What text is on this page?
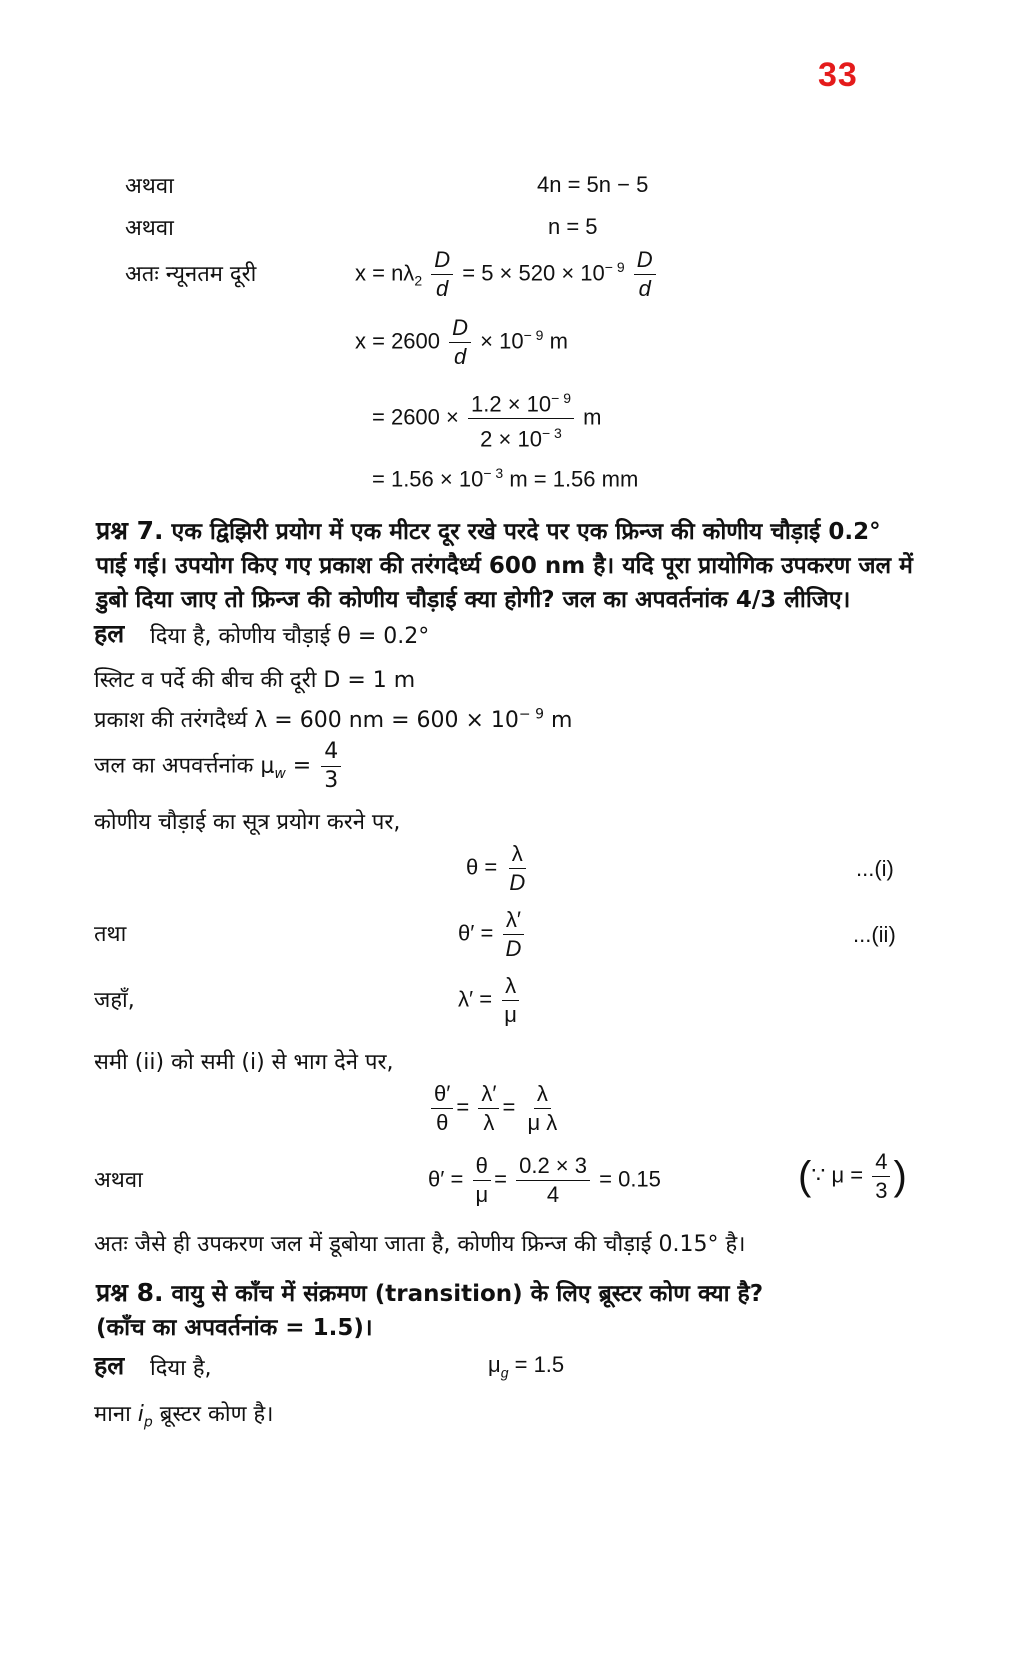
33
अथवा	4n = 5n − 5
अथवा	n = 5
अतः न्यूनतम दूरी	$x = n\lambda_2 \frac{D}{d} = 5 \times 520 \times 10^{- 9} \frac{D}{d}$
$x = 2600 \frac{D}{d} \times 10^{- 9}$ m
= $2600 \times \frac{1.2 \times 10^{- 9}}{2 \times 10^{- 3}}$ m
= $1.56 \times 10^{- 3}$ m = 1.56 mm
प्रश्न 7. एक द्विझिरी प्रयोग में एक मीटर दूर रखे परदे पर एक फ्रिन्ज की कोणीय चौड़ाई 0.2°
पाई गई। उपयोग किए गए प्रकाश की तरंगदैर्ध्य 600 nm है। यदि पूरा प्रायोगिक उपकरण जल में
डुबो दिया जाए तो फ्रिन्ज की कोणीय चौड़ाई क्या होगी? जल का अपवर्तनांक 4/3 लीजिए।
हल दिया है, कोणीय चौड़ाई θ = 0.2°
स्लिट व पर्दे की बीच की दूरी D = 1 m
प्रकाश की तरंगदैर्ध्य λ = 600 nm = $600 \times 10^{- 9}$ m
जल का अपवर्त्तनांक $\mu_w = \frac{4}{3}$
कोणीय चौड़ाई का सूत्र प्रयोग करने पर,
$\theta = \frac{\lambda}{D}$	...(i)
तथा	$\theta' = \frac{\lambda'}{D}$	...(ii)
जहाँ,	$\lambda' = \frac{\lambda}{\mu}$
समी (ii) को समी (i) से भाग देने पर,
$\frac{\theta'}{\theta} = \frac{\lambda'}{\lambda} = \frac{\lambda}{\text{μ λ}}$
अथवा	$\theta' = \frac{\theta}{\mu} = \frac{0.2 \times 3}{4} = 0.15$	(∵ $\mu = \frac{4}{3}$ )
अतः जैसे ही उपकरण जल में डूबोया जाता है, कोणीय फ्रिन्ज की चौड़ाई 0.15° है।
प्रश्न 8. वायु से काँच में संक्रमण (transition) के लिए ब्रूस्टर कोण क्या है?
(काँच का अपवर्तनांक = 1.5)।
हल दिया है,	$\mu_g = 1.5$
माना $i_p$ ब्रूस्टर कोण है।
